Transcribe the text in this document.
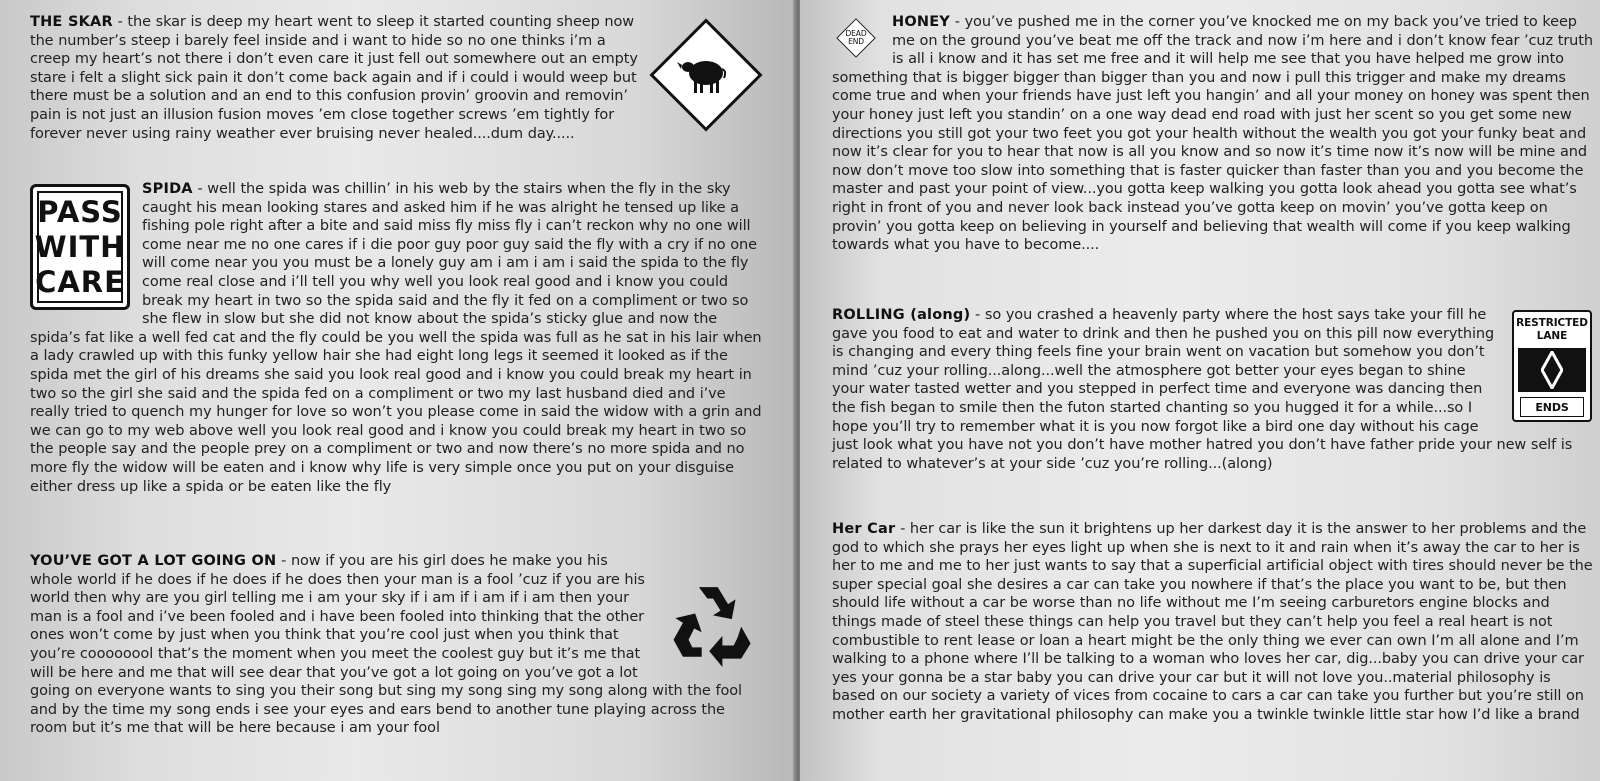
THE SKAR - the skar is deep my heart went to sleep it started counting sheep now the number’s steep i barely feel inside and i want to hide so no one thinks i’m a creep my heart’s not there i don’t even care it just fell out somewhere out an empty stare i felt a slight sick pain it don’t come back again and if i could i would weep but there must be a solution and an end to this confusion provin’ groovin and removin’ pain is not just an illusion fusion moves ’em close together screws ’em tightly for forever never using rainy weather ever bruising never healed....dum day.....

PASS
WITH
CARE
SPIDA - well the spida was chillin’ in his web by the stairs when the fly in the sky caught his mean looking stares and asked him if he was alright he tensed up like a fishing pole right after a bite and said miss fly miss fly i can’t reckon why no one will come near me no one cares if i die poor guy poor guy said the fly with a cry if no one will come near you you must be a lonely guy am i am i am i said the spida to the fly come real close and i’ll tell you why well you look real good and i know you could break my heart in two so the spida said and the fly it fed on a compliment or two so she flew in slow but she did not know about the spida’s sticky glue and now the spida’s fat like a well fed cat and the fly could be you well the spida was full as he sat in his lair when a lady crawled up with this funky yellow hair she had eight long legs it seemed it looked as if the spida met the girl of his dreams she said you look real good and i know you could break my heart in two so the girl she said and the spida fed on a compliment or two my last husband died and i’ve really tried to quench my hunger for love so won’t you please come in said the widow with a grin and we can go to my web above well you look real good and i know you could break my heart in two so the people say and the people prey on a compliment or two and now there’s no more spida and no more fly the widow will be eaten and i know why life is very simple once you put on your disguise either dress up like a spida or be eaten like the fly

YOU’VE GOT A LOT GOING ON - now if you are his girl does he make you his whole world if he does if he does if he does then your man is a fool ’cuz if you are his world then why are you girl telling me i am your sky if i am if i am if i am then your man is a fool and i’ve been fooled and i have been fooled into thinking that the other ones won’t come by just when you think that you’re cool just when you think that you’re coooooool that’s the moment when you meet the coolest guy but it’s me that will be here and me that will see dear that you’ve got a lot going on you’ve got a lot going on everyone wants to sing you their song but sing my song sing my song along with the fool and by the time my song ends i see your eyes and ears bend to another tune playing across the room but it’s me that will be here because i am your fool

DEAD
END
HONEY - you’ve pushed me in the corner you’ve knocked me on my back you’ve tried to keep me on the ground you’ve beat me off the track and now i’m here and i don’t know fear ’cuz truth is all i know and it has set me free and it will help me see that you have helped me grow into something that is bigger bigger than bigger than you and now i pull this trigger and make my dreams come true and when your friends have just left you hangin’ and all your money on honey was spent then your honey just left you standin’ on a one way dead end road with just her scent so you get some new directions you still got your two feet you got your health without the wealth you got your funky beat and now it’s clear for you to hear that now is all you know and so now it’s time now it’s now will be mine and now don’t move too slow into something that is faster quicker than faster than you and you become the master and past your point of view...you gotta keep walking you gotta look ahead you gotta see what’s right in front of you and never look back instead you’ve gotta keep on movin’ you’ve gotta keep on provin’ you gotta keep on believing in yourself and believing that wealth will come if you keep walking towards what you have to become....

RESTRICTED
LANE
ENDS
ROLLING (along) - so you crashed a heavenly party where the host says take your fill he gave you food to eat and water to drink and then he pushed you on this pill now everything is changing and every thing feels fine your brain went on vacation but somehow you don’t mind ’cuz your rolling...along...well the atmosphere got better your eyes began to shine your water tasted wetter and you stepped in perfect time and everyone was dancing then the fish began to smile then the futon started chanting so you hugged it for a while...so I hope you’ll try to remember what it is you now forgot like a bird one day without his cage just look what you have not you don’t have mother hatred you don’t have father pride your new self is related to whatever’s at your side ’cuz you’re rolling...(along)

Her Car - her car is like the sun it brightens up her darkest day it is the answer to her problems and the god to which she prays her eyes light up when she is next to it and rain when it’s away the car to her is her to me and me to her just wants to say that a superficial artificial object with tires should never be the super special goal she desires a car can take you nowhere if that’s the place you want to be, but then should life without a car be worse than no life without me I’m seeing carburetors engine blocks and things made of steel these things can help you travel but they can’t help you feel a real heart is not combustible to rent lease or loan a heart might be the only thing we ever can own I’m all alone and I’m walking to a phone where I’ll be talking to a woman who loves her car, dig...baby you can drive your car yes your gonna be a star baby you can drive your car but it will not love you..material philosophy is based on our society a variety of vices from cocaine to cars a car can take you further but you’re still on mother earth her gravitational philosophy can make you a twinkle twinkle little star how I’d like a brand
